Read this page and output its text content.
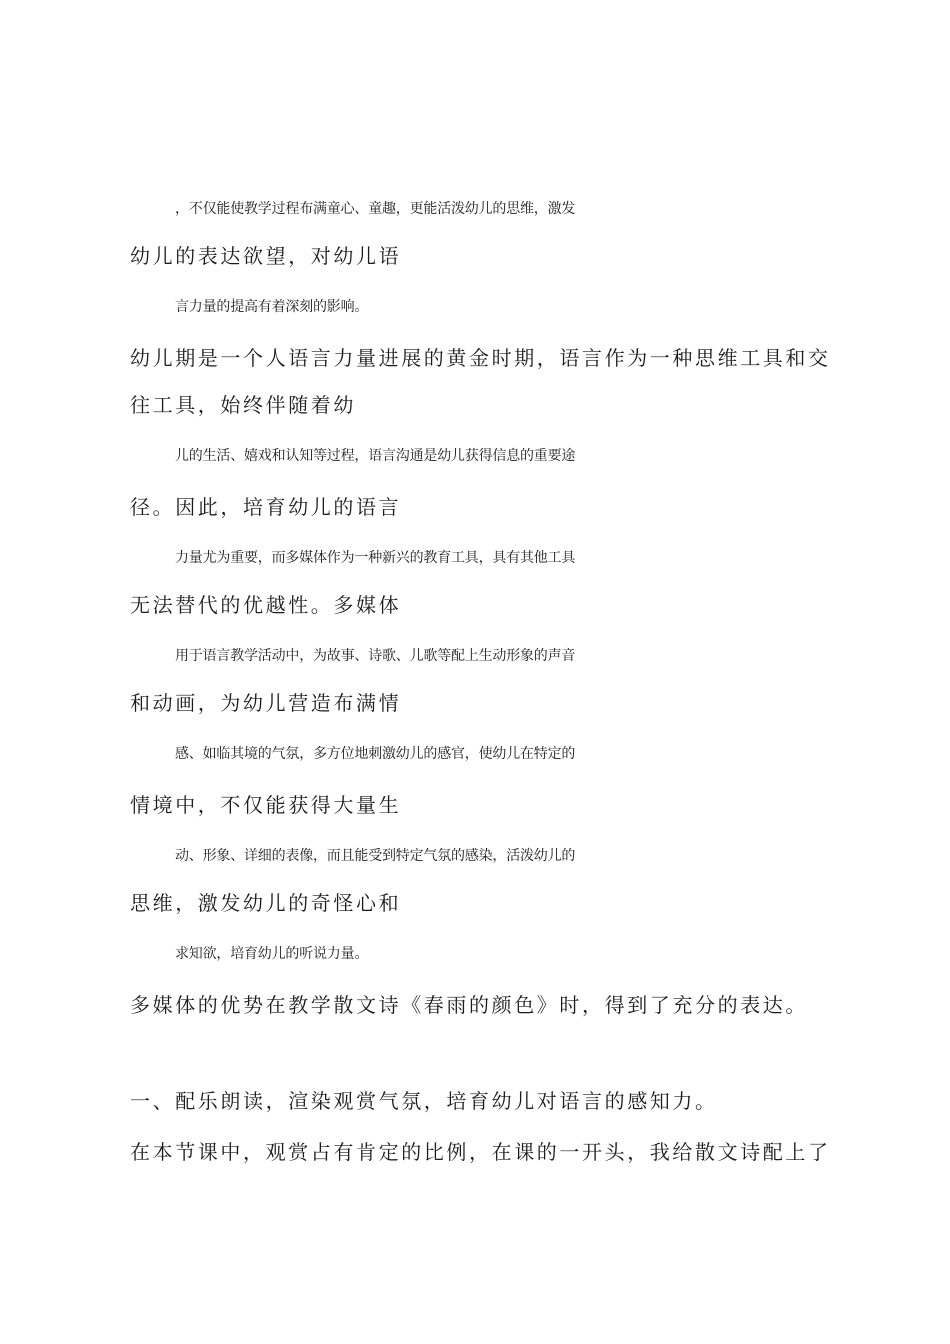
，不仅能使教学过程布满童心、童趣，更能活泼幼儿的思维，激发

幼儿的表达欲望，对幼儿语

言力量的提高有着深刻的影响。

幼儿期是一个人语言力量进展的黄金时期，语言作为一种思维工具和交

往工具，始终伴随着幼

儿的生活、嬉戏和认知等过程，语言沟通是幼儿获得信息的重要途

径。因此，培育幼儿的语言

力量尤为重要，而多媒体作为一种新兴的教育工具，具有其他工具

无法替代的优越性。多媒体

用于语言教学活动中，为故事、诗歌、儿歌等配上生动形象的声音

和动画，为幼儿营造布满情

感、如临其境的气氛，多方位地刺激幼儿的感官，使幼儿在特定的

情境中，不仅能获得大量生

动、形象、详细的表像，而且能受到特定气氛的感染，活泼幼儿的

思维，激发幼儿的奇怪心和

求知欲，培育幼儿的听说力量。

多媒体的优势在教学散文诗《春雨的颜色》时，得到了充分的表达。

一、配乐朗读，渲染观赏气氛，培育幼儿对语言的感知力。

在本节课中，观赏占有肯定的比例，在课的一开头，我给散文诗配上了
